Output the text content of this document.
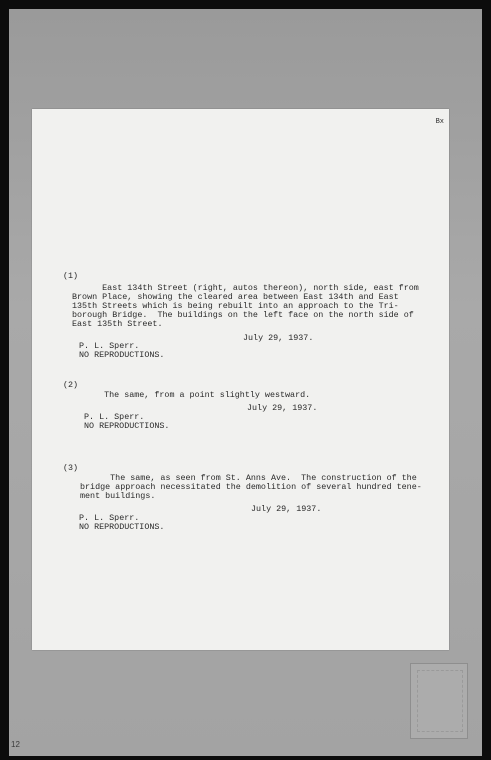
Bx
(1)
East 134th Street (right, autos thereon), north side, east from
Brown Place, showing the cleared area between East 134th and East
135th Streets which is being rebuilt into an approach to the Tri-
borough Bridge.  The buildings on the left face on the north side of
East 135th Street.
July 29, 1937.
P. L. Sperr.
NO REPRODUCTIONS.
(2)
The same, from a point slightly westward.
July 29, 1937.
P. L. Sperr.
NO REPRODUCTIONS.
(3)
The same, as seen from St. Anns Ave.  The construction of the
bridge approach necessitated the demolition of several hundred tene-
ment buildings.
July 29, 1937.
P. L. Sperr.
NO REPRODUCTIONS.
12
